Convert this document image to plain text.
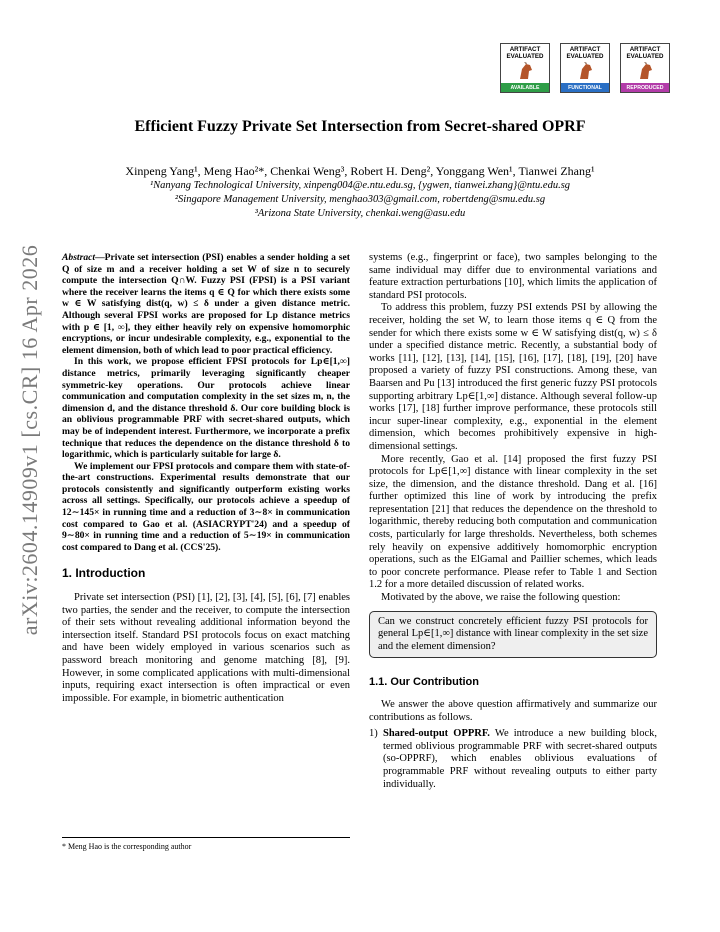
arXiv:2604.14909v1 [cs.CR] 16 Apr 2026
ARTIFACT
EVALUATED
AVAILABLE
ARTIFACT
EVALUATED
FUNCTIONAL
ARTIFACT
EVALUATED
REPRODUCED
Efficient Fuzzy Private Set Intersection from Secret-shared OPRF
Xinpeng Yang¹, Meng Hao²*, Chenkai Weng³, Robert H. Deng², Yonggang Wen¹, Tianwei Zhang¹
¹Nanyang Technological University, xinpeng004@e.ntu.edu.sg, {ygwen, tianwei.zhang}@ntu.edu.sg
²Singapore Management University, menghao303@gmail.com, robertdeng@smu.edu.sg
³Arizona State University, chenkai.weng@asu.edu

Abstract—Private set intersection (PSI) enables a sender holding a set Q of size m and a receiver holding a set W of size n to securely compute the intersection Q∩W. Fuzzy PSI (FPSI) is a PSI variant where the receiver learns the items q ∈ Q for which there exists some w ∈ W satisfying dist(q, w) ≤ δ under a given distance metric. Although several FPSI works are proposed for Lp distance metrics with p ∈ [1, ∞], they either heavily rely on expensive homomorphic encryptions, or incur undesirable complexity, e.g., exponential to the element dimension, both of which lead to poor practical efficiency.

In this work, we propose efficient FPSI protocols for Lp∈[1,∞] distance metrics, primarily leveraging significantly cheaper symmetric-key operations. Our protocols achieve linear communication and computation complexity in the set sizes m, n, the dimension d, and the distance threshold δ. Our core building block is an oblivious programmable PRF with secret-shared outputs, which may be of independent interest. Furthermore, we incorporate a prefix technique that reduces the dependence on the distance threshold δ to logarithmic, which is particularly suitable for large δ.

We implement our FPSI protocols and compare them with state-of-the-art constructions. Experimental results demonstrate that our protocols consistently and significantly outperform existing works across all settings. Specifically, our protocols achieve a speedup of 12∼145× in running time and a reduction of 3∼8× in communication cost compared to Gao et al. (ASIACRYPT'24) and a speedup of 9∼80× in running time and a reduction of 5∼19× in communication cost compared to Dang et al. (CCS'25).

1. Introduction

Private set intersection (PSI) [1], [2], [3], [4], [5], [6], [7] enables two parties, the sender and the receiver, to compute the intersection of their sets without revealing additional information beyond the intersection itself. Standard PSI protocols focus on exact matching and have been widely employed in various scenarios such as password breach monitoring and genome matching [8], [9]. However, in some complicated applications with multi-dimensional inputs, requiring exact intersection is often impractical or even impossible. For example, in biometric authentication

systems (e.g., fingerprint or face), two samples belonging to the same individual may differ due to environmental variations and feature extraction perturbations [10], which limits the application of standard PSI protocols.

To address this problem, fuzzy PSI extends PSI by allowing the receiver, holding the set W, to learn those items q ∈ Q from the sender for which there exists some w ∈ W satisfying dist(q, w) ≤ δ under a specified distance metric. Recently, a substantial body of works [11], [12], [13], [14], [15], [16], [17], [18], [19], [20] have proposed a variety of fuzzy PSI constructions. Among these, van Baarsen and Pu [13] introduced the first generic fuzzy PSI protocols supporting arbitrary Lp∈[1,∞] distance. Although several follow-up works [17], [18] further improve performance, these protocols still incur super-linear complexity, e.g., exponential in the element dimension, which becomes prohibitively expensive in high-dimensional settings.

More recently, Gao et al. [14] proposed the first fuzzy PSI protocols for Lp∈[1,∞] distance with linear complexity in the set size, the dimension, and the distance threshold. Dang et al. [16] further optimized this line of work by introducing the prefix representation [21] that reduces the dependence on the threshold to logarithmic, thereby reducing both computation and communication costs, particularly for large thresholds. Nevertheless, both schemes rely heavily on expensive additively homomorphic encryption operations, such as the ElGamal and Paillier schemes, which leads to poor concrete performance. Please refer to Table 1 and Section 1.2 for a more detailed discussion of related works.

Motivated by the above, we raise the following question:

Can we construct concretely efficient fuzzy PSI protocols for general Lp∈[1,∞] distance with linear complexity in the set size and the element dimension?
1.1. Our Contribution

We answer the above question affirmatively and summarize our contributions as follows.

1) Shared-output OPPRF. We introduce a new building block, termed oblivious programmable PRF with secret-shared outputs (so-OPPRF), which enables oblivious evaluations of programmable PRF without revealing outputs to either party individually.
* Meng Hao is the corresponding author
